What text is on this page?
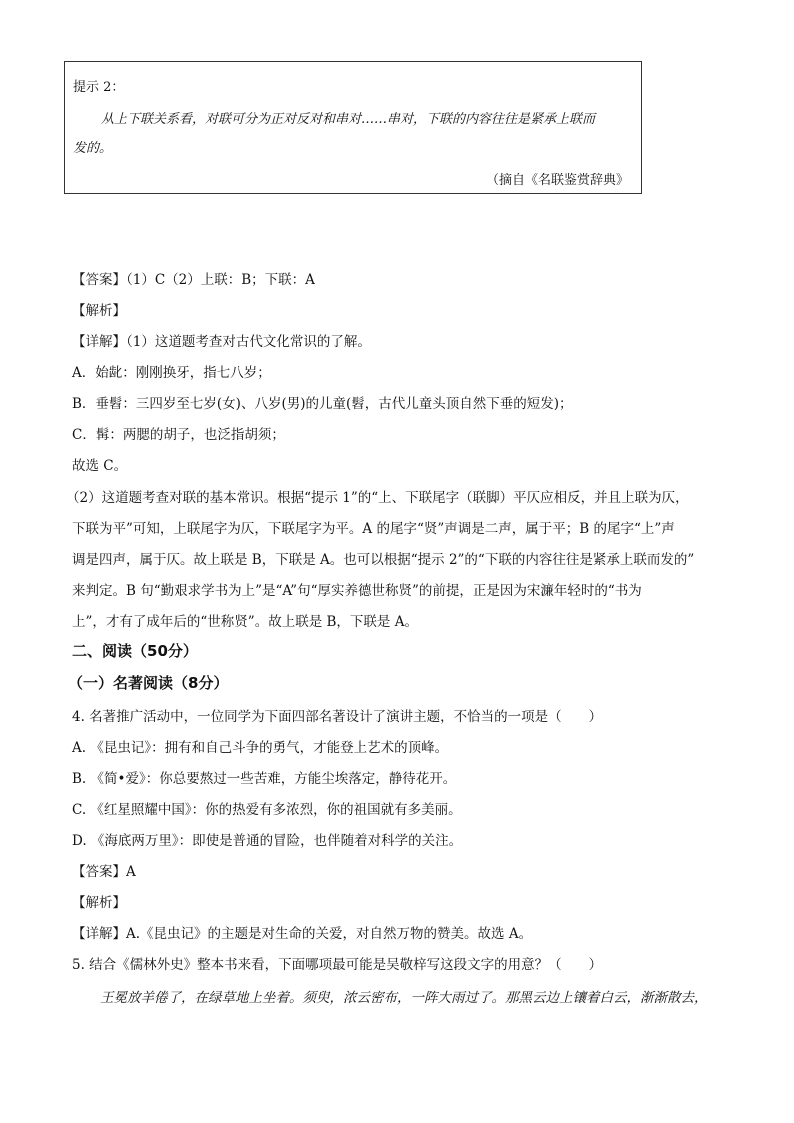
提示 2：
从上下联关系看，对联可分为正对反对和串对……串对，下联的内容往往是紧承上联而
发的。
（摘自《名联鉴赏辞典》
【答案】（1）C（2）上联：B；下联：A
【解析】
【详解】（1）这道题考查对古代文化常识的了解。
A．始龀：刚刚换牙，指七八岁；
B．垂髫：三四岁至七岁(女)、八岁(男)的儿童(髫，古代儿童头顶自然下垂的短发)；
C．髯：两腮的胡子，也泛指胡须；
故选 C。
（2）这道题考查对联的基本常识。根据“提示 1”的“上、下联尾字（联脚）平仄应相反，并且上联为仄，
下联为平”可知，上联尾字为仄，下联尾字为平。A 的尾字“贤”声调是二声，属于平；B 的尾字“上”声
调是四声，属于仄。故上联是 B，下联是 A。也可以根据“提示 2”的“下联的内容往往是紧承上联而发的”
来判定。B 句“勤艰求学书为上”是“A”句“厚实养德世称贤”的前提，正是因为宋濂年轻时的“书为
上”，才有了成年后的“世称贤”。故上联是 B，下联是 A。
二、阅读（50分）
（一）名著阅读（8分）
4. 名著推广活动中，一位同学为下面四部名著设计了演讲主题，不恰当的一项是（　　）
A. 《昆虫记》：拥有和自己斗争的勇气，才能登上艺术的顶峰。
B. 《简•爱》：你总要熬过一些苦难，方能尘埃落定，静待花开。
C. 《红星照耀中国》：你的热爱有多浓烈，你的祖国就有多美丽。
D. 《海底两万里》：即使是普通的冒险，也伴随着对科学的关注。
【答案】A
【解析】
【详解】A.《昆虫记》的主题是对生命的关爱，对自然万物的赞美。故选 A。
5. 结合《儒林外史》整本书来看，下面哪项最可能是吴敬梓写这段文字的用意？（　　）
王冕放羊倦了，在绿草地上坐着。须臾，浓云密布，一阵大雨过了。那黑云边上镶着白云，渐渐散去，
